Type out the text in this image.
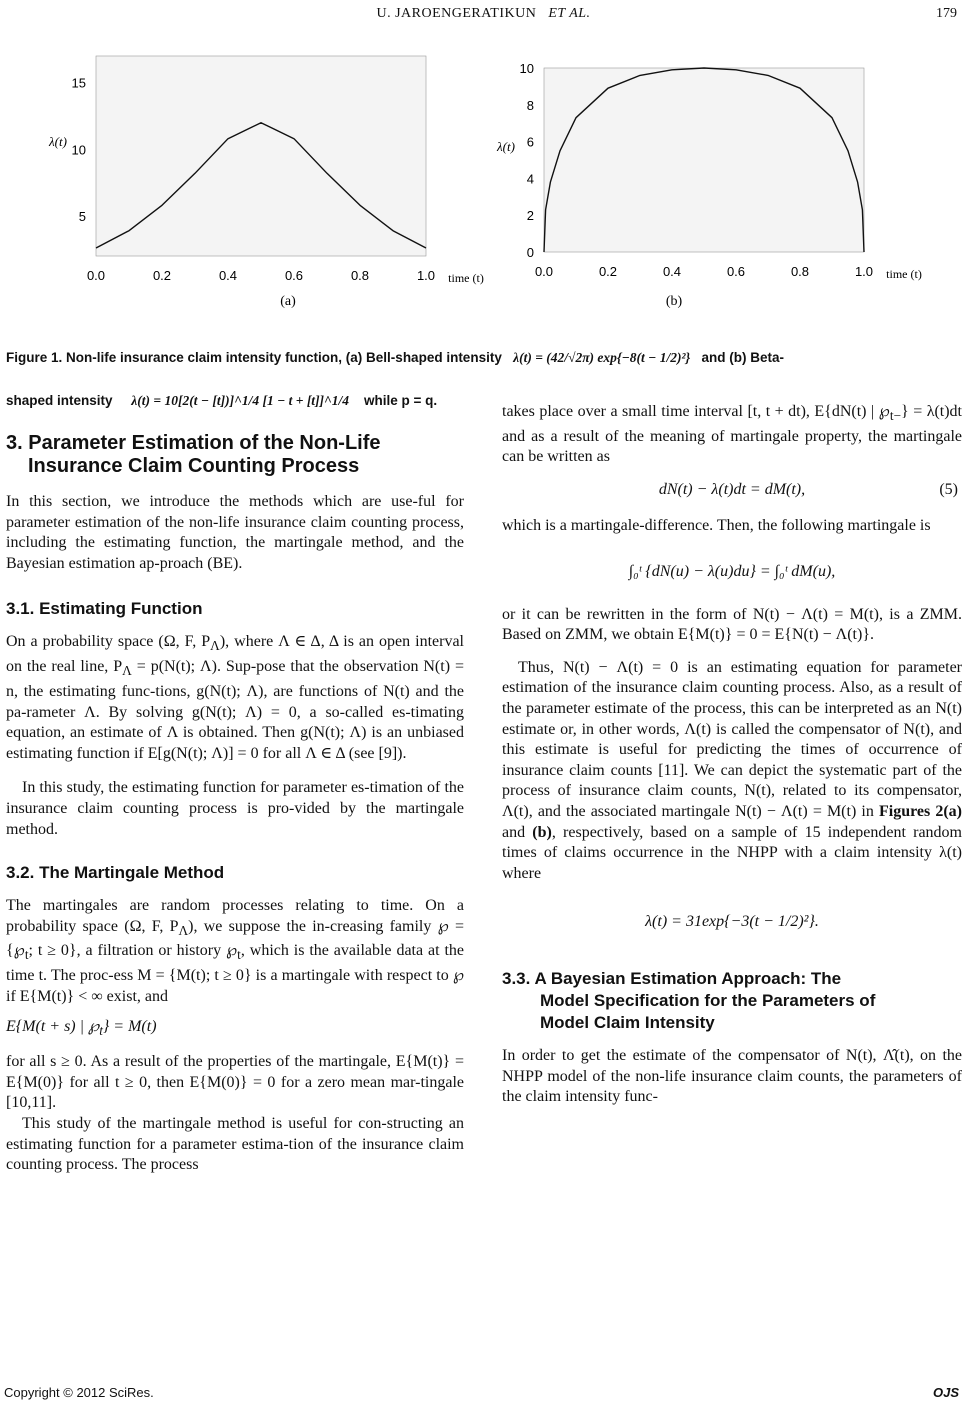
U. JAROENGERATIKUN ET AL.	179
0.0	0.2	0.4	0.6	0.8	1.0
5
10
15
time (t)
λ(t)
0.0	0.2	0.4	0.6	0.8	1.0
0
2
4
6
8
10
time (t)
λ(t)
(a)	(b)
Figure 1. Non-life insurance claim intensity function, (a) Bell-shaped intensity λ(t) = (42/√2π) exp{−8(t − 1/2)²} and (b) Beta-
shaped intensity λ(t) = 10[2(t − [t])]^1/4 [1 − t + [t]]^1/4 while p = q.
3. Parameter Estimation of the Non-Life
Insurance Claim Counting Process

In this section, we introduce the methods which are use-ful for parameter estimation of the non-life insurance claim counting process, including the estimating function, the martingale method, and the Bayesian estimation ap-proach (BE).

3.1. Estimating Function

On a probability space (Ω, F, $P_\Lambda$), where Λ ∈ Δ, Δ is an open interval on the real line, $P_\Lambda = p(N(t)$; Λ). Sup-pose that the observation N(t) = n, the estimating func-tions, g(N(t); Λ), are functions of N(t) and the pa-rameter Λ. By solving g(N(t); Λ) = 0, a so-called es-timating equation, an estimate of Λ is obtained. Then g(N(t); Λ) is an unbiased estimating function if E[g(N(t); Λ)] = 0 for all Λ ∈ Δ (see [9]).

In this study, the estimating function for parameter es-timation of the insurance claim counting process is pro-vided by the martingale method.

3.2. The Martingale Method

The martingales are random processes relating to time. On a probability space (Ω, F, $P_\Lambda$), we suppose the in-creasing family ℘ = {$℘_t$; t ≥ 0}, a filtration or history $℘_t$, which is the available data at the time t. The proc-ess M = {M(t); t ≥ 0} is a martingale with respect to ℘ if E{M(t)} < ∞ exist, and

E{M(t + s) | $℘_t\} = M(t)$

for all s ≥ 0. As a result of the properties of the martingale, E{M(t)} = E{M(0)} for all t ≥ 0, then E{M(0)} = 0 for a zero mean mar-tingale [10,11].

This study of the martingale method is useful for con-structing an estimating function for a parameter estima-tion of the insurance claim counting process. The process

takes place over a small time interval [t, t + dt), E{dN(t) | $℘_{t-}\} = \lambda(t)dt$ and as a result of the meaning of martingale property, the martingale can be written as

dN(t) − λ(t)dt = dM(t),	(5)

which is a martingale-difference. Then, the following martingale is

∫₀ᵗ {dN(u) − λ(u)du} = ∫₀ᵗ dM(u),

or it can be rewritten in the form of N(t) − Λ(t) = M(t), is a ZMM. Based on ZMM, we obtain E{M(t)} = 0 = E{N(t) − Λ(t)}.

Thus, N(t) − Λ(t) = 0 is an estimating equation for parameter estimation of the insurance claim counting process. Also, as a result of the parameter estimate of the process, this can be interpreted as an N(t) estimate or, in other words, Λ(t) is called the compensator of N(t), and this estimate is useful for predicting the times of occurrence of insurance claim counts [11]. We can depict the systematic part of the process of insurance claim counts, N(t), related to its compensator, Λ(t), and the associated martingale N(t) − Λ(t) = M(t) in Figures 2(a) and (b), respectively, based on a sample of 15 independent random times of claims occurrence in the NHPP with a claim intensity λ(t) where

λ(t) = 31exp{−3(t − 1/2)²}.

3.3. A Bayesian Estimation Approach: The
Model Specification for the Parameters of
Model Claim Intensity

In order to get the estimate of the compensator of N(t), Λ̂(t), on the NHPP model of the non-life insurance claim counts, the parameters of the claim intensity func-

Copyright © 2012 SciRes.	OJS
